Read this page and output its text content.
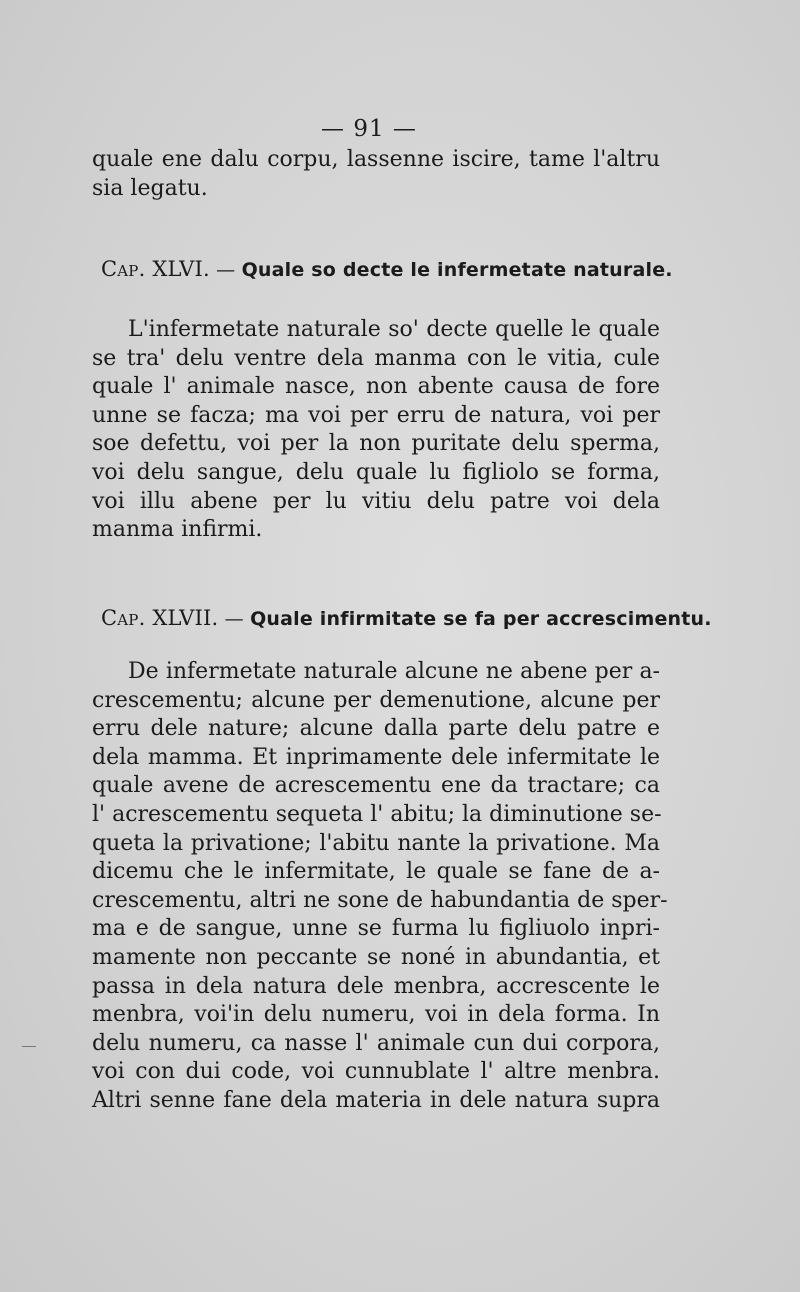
— 91 —
quale ene dalu corpu, lassenne iscire, tame l'altru
sia legatu.
Cap. XLVI. — Quale so decte le infermetate naturale.
L'infermetate naturale so' decte quelle le quale
se tra' delu ventre dela manma con le vitia, cule
quale l' animale nasce, non abente causa de fore
unne se facza; ma voi per erru de natura, voi per
soe defettu, voi per la non puritate delu sperma,
voi delu sangue, delu quale lu figliolo se forma,
voi illu abene per lu vitiu delu patre voi dela
manma infirmi.
Cap. XLVII. — Quale infirmitate se fa per accrescimentu.
De infermetate naturale alcune ne abene per a-
crescementu; alcune per demenutione, alcune per
erru dele nature; alcune dalla parte delu patre e
dela mamma. Et inprimamente dele infermitate le
quale avene de acrescementu ene da tractare; ca
l' acrescementu sequeta l' abitu; la diminutione se-
queta la privatione; l'abitu nante la privatione. Ma
dicemu che le infermitate, le quale se fane de a-
crescementu, altri ne sone de habundantia de sper-
ma e de sangue, unne se furma lu figliuolo inpri-
mamente non peccante se noné in abundantia, et
passa in dela natura dele menbra, accrescente le
menbra, voi'in delu numeru, voi in dela forma. In
delu numeru, ca nasse l' animale cun dui corpora,
voi con dui code, voi cunnublate l' altre menbra.
Altri senne fane dela materia in dele natura supra
